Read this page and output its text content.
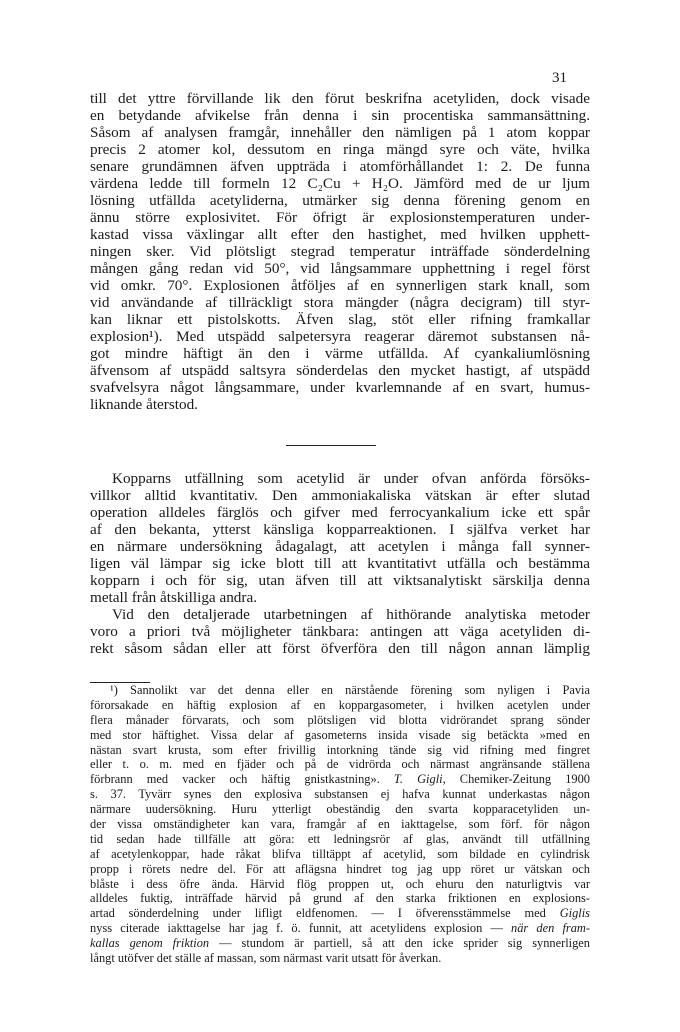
31
till det yttre förvillande lik den förut beskrifna acetyliden, dock visade
en betydande afvikelse från denna i sin procentiska sammansättning.
Såsom af analysen framgår, innehåller den nämligen på 1 atom koppar
precis 2 atomer kol, dessutom en ringa mängd syre och väte, hvilka
senare grundämnen äfven uppträda i atomförhållandet 1: 2. De funna
värdena ledde till formeln 12 C₂Cu + H₂O. Jämförd med de ur ljum
lösning utfällda acetyliderna, utmärker sig denna förening genom en
ännu större explosivitet. För öfrigt är explosionstemperaturen under-
kastad vissa växlingar allt efter den hastighet, med hvilken upphett-
ningen sker. Vid plötsligt stegrad temperatur inträffade sönderdelning
mången gång redan vid 50°, vid långsammare upphettning i regel först
vid omkr. 70°. Explosionen åtföljes af en synnerligen stark knall, som
vid användande af tillräckligt stora mängder (några decigram) till styr-
kan liknar ett pistolskotts. Äfven slag, stöt eller rifning framkallar
explosion¹). Med utspädd salpetersyra reagerar däremot substansen nå-
got mindre häftigt än den i värme utfällda. Af cyankaliumlösning
äfvensom af utspädd saltsyra sönderdelas den mycket hastigt, af utspädd
svafvelsyra något långsammare, under kvarlemnande af en svart, humus-
liknande återstod.
Kopparns utfällning som acetylid är under ofvan anförda försöks-
villkor alltid kvantitativ. Den ammoniakaliska vätskan är efter slutad
operation alldeles färglös och gifver med ferrocyankalium icke ett spår
af den bekanta, ytterst känsliga kopparreaktionen. I själfva verket har
en närmare undersökning ådagalagt, att acetylen i många fall synner-
ligen väl lämpar sig icke blott till att kvantitativt utfälla och bestämma
kopparn i och för sig, utan äfven till att viktsanalytiskt särskilja denna
metall från åtskilliga andra.
Vid den detaljerade utarbetningen af hithörande analytiska metoder
voro a priori två möjligheter tänkbara: antingen att väga acetyliden di-
rekt såsom sådan eller att först öfverföra den till någon annan lämplig
¹) Sannolikt var det denna eller en närstående förening som nyligen i Pavia
förorsakade en häftig explosion af en koppargasometer, i hvilken acetylen under
flera månader förvarats, och som plötsligen vid blotta vidrörandet sprang sönder
med stor häftighet. Vissa delar af gasometerns insida visade sig betäckta »med en
nästan svart krusta, som efter frivillig intorkning tände sig vid rifning med fingret
eller t. o. m. med en fjäder och på de vidrörda och närmast angränsande ställena
förbrann med vacker och häftig gnistkastning». T. Gigli, Chemiker-Zeitung 1900
s. 37. Tyvärr synes den explosiva substansen ej hafva kunnat underkastas någon
närmare uudersökning. Huru ytterligt obeständig den svarta kopparacetyliden un-
der vissa omständigheter kan vara, framgår af en iakttagelse, som förf. för någon
tid sedan hade tillfälle att göra: ett ledningsrör af glas, användt till utfällning
af acetylenkoppar, hade råkat blifva tilltäppt af acetylid, som bildade en cylindrisk
propp i rörets nedre del. För att aflägsna hindret tog jag upp röret ur vätskan och
blåste i dess öfre ända. Härvid flög proppen ut, och ehuru den naturligtvis var
alldeles fuktig, inträffade härvid på grund af den starka friktionen en explosions-
artad sönderdelning under lifligt eldfenomen. — I öfverensstämmelse med Giglis
nyss citerade iakttagelse har jag f. ö. funnit, att acetylidens explosion — när den fram-
kallas genom friktion — stundom är partiell, så att den icke sprider sig synnerligen
långt utöfver det ställe af massan, som närmast varit utsatt för åverkan.
